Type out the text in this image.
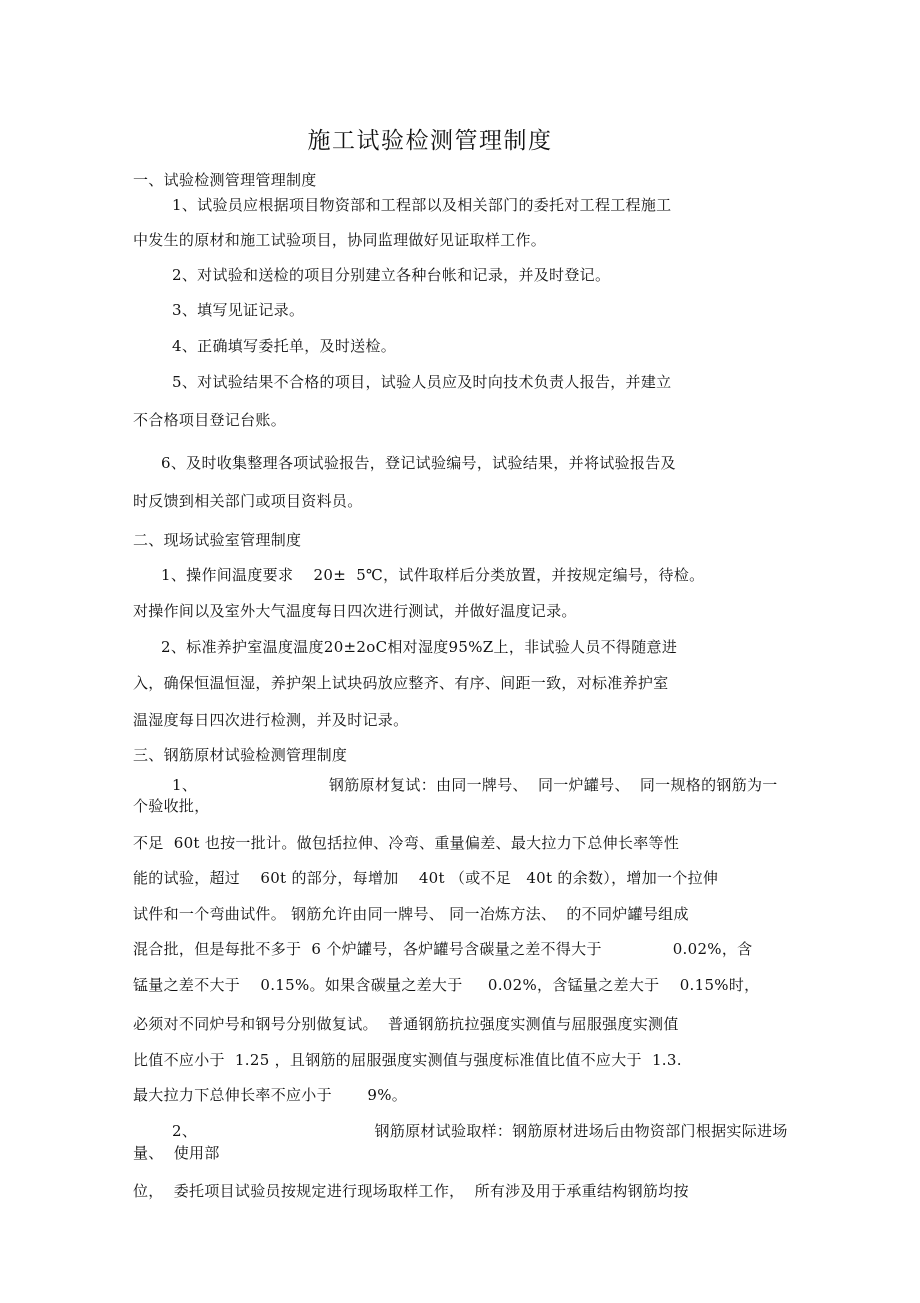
施工试验检测管理制度
一、试验检测管理管理制度
1、试验员应根据项目物资部和工程部以及相关部门的委托对工程工程施工
中发生的原材和施工试验项目，协同监理做好见证取样工作。
2、对试验和送检的项目分别建立各种台帐和记录，并及时登记。
3、填写见证记录。
4、正确填写委托单，及时送检。
5、对试验结果不合格的项目，试验人员应及时向技术负责人报告，并建立
不合格项目登记台账。
6、及时收集整理各项试验报告，登记试验编号，试验结果，并将试验报告及
时反馈到相关部门或项目资料员。
二、现场试验室管理制度
1、操作间温度要求    20±  5℃，试件取样后分类放置，并按规定编号，待检。
对操作间以及室外大气温度每日四次进行测试，并做好温度记录。
2、标准养护室温度温度20±2oC相对湿度95%Z上，非试验人员不得随意进
入，确保恒温恒湿，养护架上试块码放应整齐、有序、间距一致，对标准养护室
温湿度每日四次进行检测，并及时记录。
三、钢筋原材试验检测管理制度
1、                          钢筋原材复试：由同一牌号、  同一炉罐号、  同一规格的钢筋为一
个验收批，
不足  60t 也按一批计。做包括拉伸、冷弯、重量偏差、最大拉力下总伸长率等性
能的试验，超过    60t 的部分，每增加    40t （或不足   40t 的余数），增加一个拉伸
试件和一个弯曲试件。 钢筋允许由同一牌号、 同一冶炼方法、  的不同炉罐号组成
混合批，但是每批不多于  6 个炉罐号，各炉罐号含碳量之差不得大于              0.02%，含
锰量之差不大于    0.15%。如果含碳量之差大于     0.02%，含锰量之差大于    0.15%时，
必须对不同炉号和钢号分别做复试。  普通钢筋抗拉强度实测值与屈服强度实测值
比值不应小于  1.25 ，且钢筋的屈服强度实测值与强度标准值比值不应大于  1.3.
最大拉力下总伸长率不应小于       9%。
2、                                   钢筋原材试验取样：钢筋原材进场后由物资部门根据实际进场
量、  使用部
位，  委托项目试验员按规定进行现场取样工作，  所有涉及用于承重结构钢筋均按
